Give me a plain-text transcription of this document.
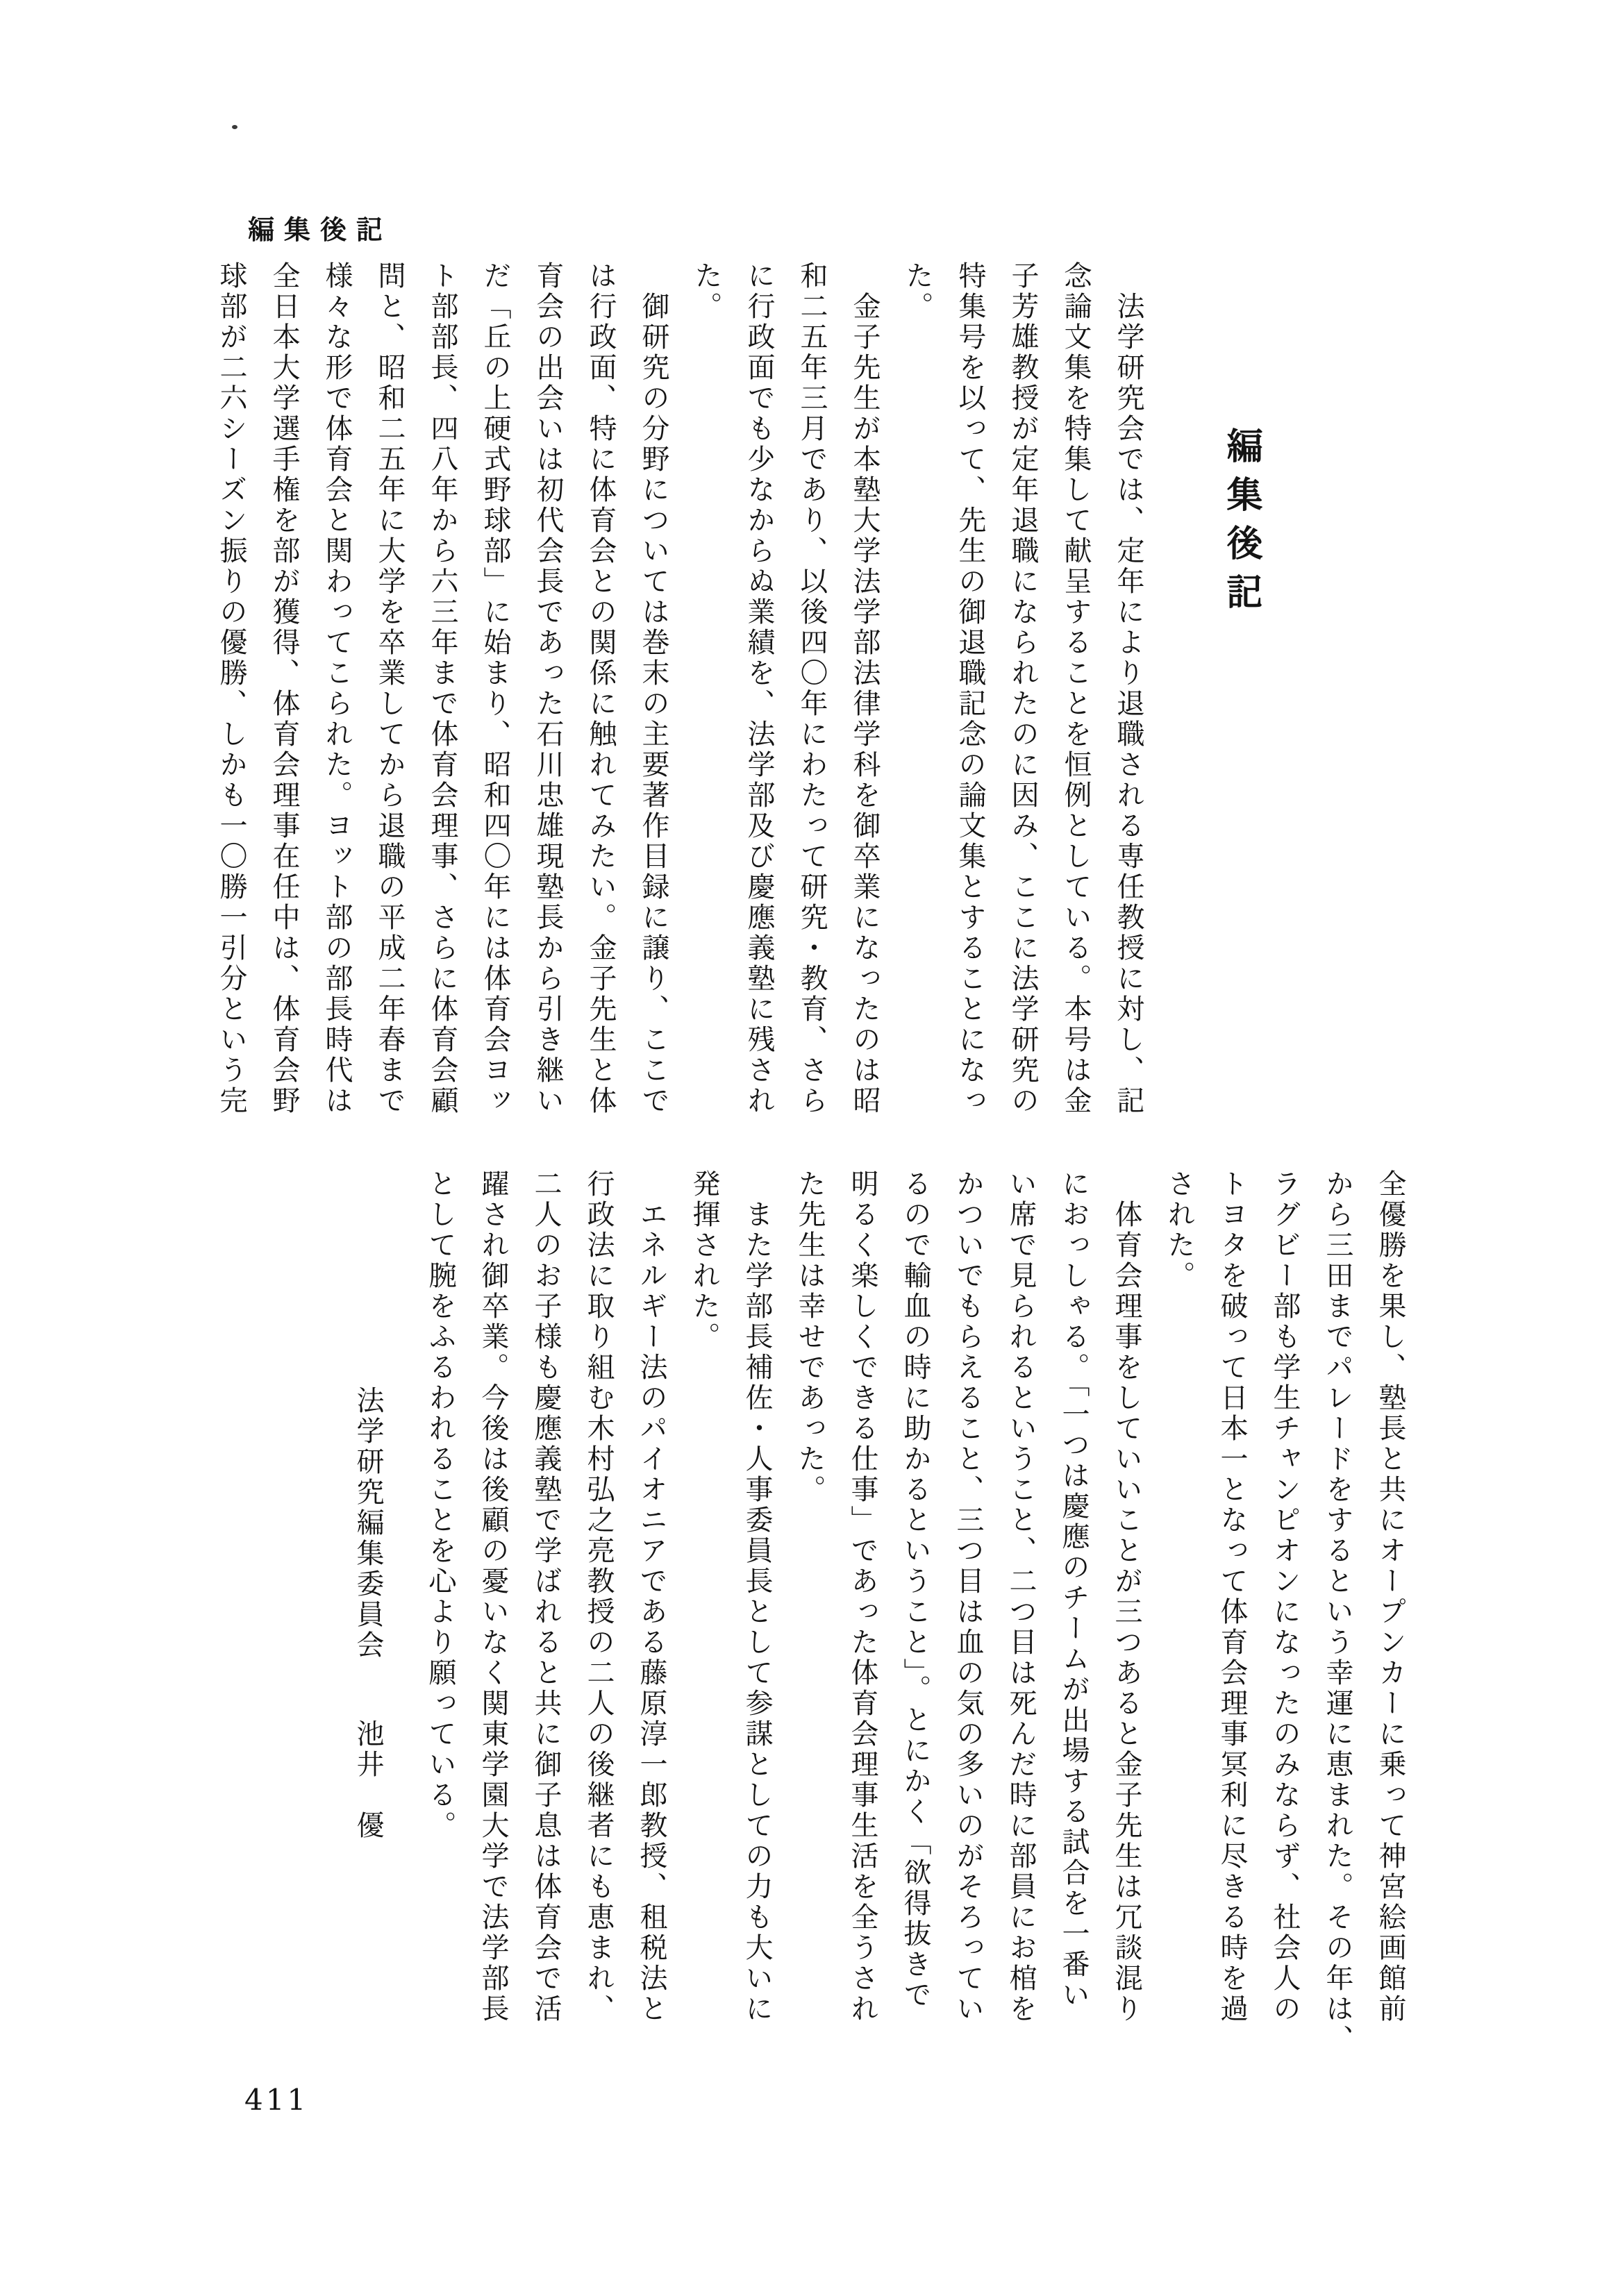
編集後記
編集後記
　法学研究会では、定年により退職される専任教授に対し、記
念論文集を特集して献呈することを恒例としている。本号は金
子芳雄教授が定年退職になられたのに因み、ここに法学研究の
特集号を以って、先生の御退職記念の論文集とすることになっ
た。
　金子先生が本塾大学法学部法律学科を御卒業になったのは昭
和二五年三月であり、以後四〇年にわたって研究・教育、さら
に行政面でも少なからぬ業績を、法学部及び慶應義塾に残され
た。
　御研究の分野については巻末の主要著作目録に譲り、ここで
は行政面、特に体育会との関係に触れてみたい。金子先生と体
育会の出会いは初代会長であった石川忠雄現塾長から引き継い
だ「丘の上硬式野球部」に始まり、昭和四〇年には体育会ヨッ
ト部部長、四八年から六三年まで体育会理事、さらに体育会顧
問と、昭和二五年に大学を卒業してから退職の平成二年春まで
様々な形で体育会と関わってこられた。ヨット部の部長時代は
全日本大学選手権を部が獲得、体育会理事在任中は、体育会野
球部が二六シーズン振りの優勝、しかも一〇勝一引分という完
全優勝を果し、塾長と共にオープンカーに乗って神宮絵画館前
から三田までパレードをするという幸運に恵まれた。その年は、
ラグビー部も学生チャンピオンになったのみならず、社会人の
トヨタを破って日本一となって体育会理事冥利に尽きる時を過
された。
　体育会理事をしていいことが三つあると金子先生は冗談混り
におっしゃる。「一つは慶應のチームが出場する試合を一番い
い席で見られるということ、二つ目は死んだ時に部員にお棺を
かついでもらえること、三つ目は血の気の多いのがそろってい
るので輸血の時に助かるということ」。とにかく「欲得抜きで
明るく楽しくできる仕事」であった体育会理事生活を全うされ
た先生は幸せであった。
　また学部長補佐・人事委員長として参謀としての力も大いに
発揮された。
　エネルギー法のパイオニアである藤原淳一郎教授、租税法と
行政法に取り組む木村弘之亮教授の二人の後継者にも恵まれ、
二人のお子様も慶應義塾で学ばれると共に御子息は体育会で活
躍され御卒業。今後は後顧の憂いなく関東学園大学で法学部長
として腕をふるわれることを心より願っている。
法学研究編集委員会池井　優
411
